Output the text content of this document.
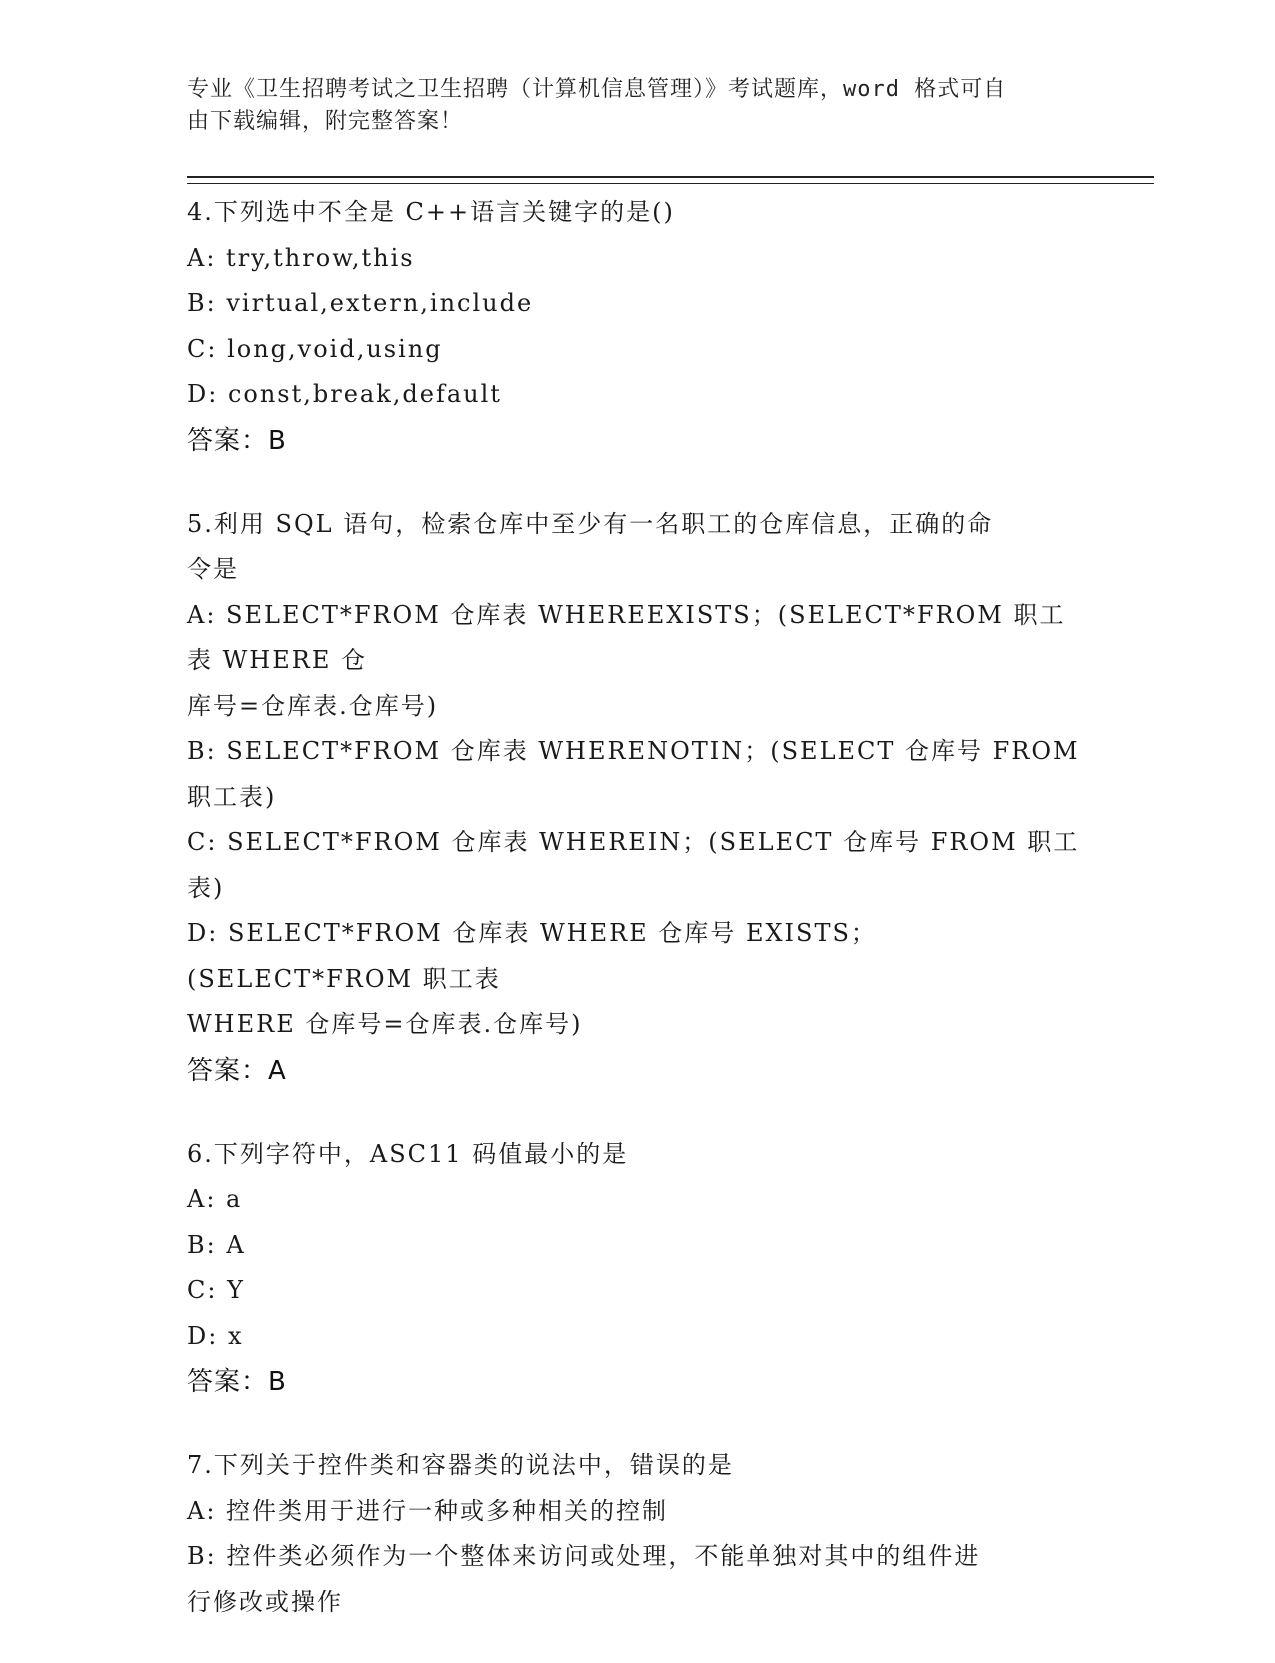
专业《卫生招聘考试之卫生招聘（计算机信息管理）》考试题库，word 格式可自
由下载编辑，附完整答案！
4.下列选中不全是 C++语言关键字的是()
A: try,throw,this
B: virtual,extern,include
C: long,void,using
D: const,break,default
答案：B
5.利用 SQL 语句，检索仓库中至少有一名职工的仓库信息，正确的命
令是
A: SELECT*FROM 仓库表 WHEREEXISTS；(SELECT*FROM 职工表 WHERE 仓
库号=仓库表.仓库号)
B: SELECT*FROM 仓库表 WHERENOTIN；(SELECT 仓库号 FROM 职工表)
C: SELECT*FROM 仓库表 WHEREIN；(SELECT 仓库号 FROM 职工表)
D: SELECT*FROM 仓库表 WHERE 仓库号 EXISTS；(SELECT*FROM 职工表
WHERE 仓库号=仓库表.仓库号)
答案：A
6.下列字符中，ASC11 码值最小的是
A: a
B: A
C: Y
D: x
答案：B
7.下列关于控件类和容器类的说法中，错误的是
A: 控件类用于进行一种或多种相关的控制
B: 控件类必须作为一个整体来访问或处理，不能单独对其中的组件进
行修改或操作
